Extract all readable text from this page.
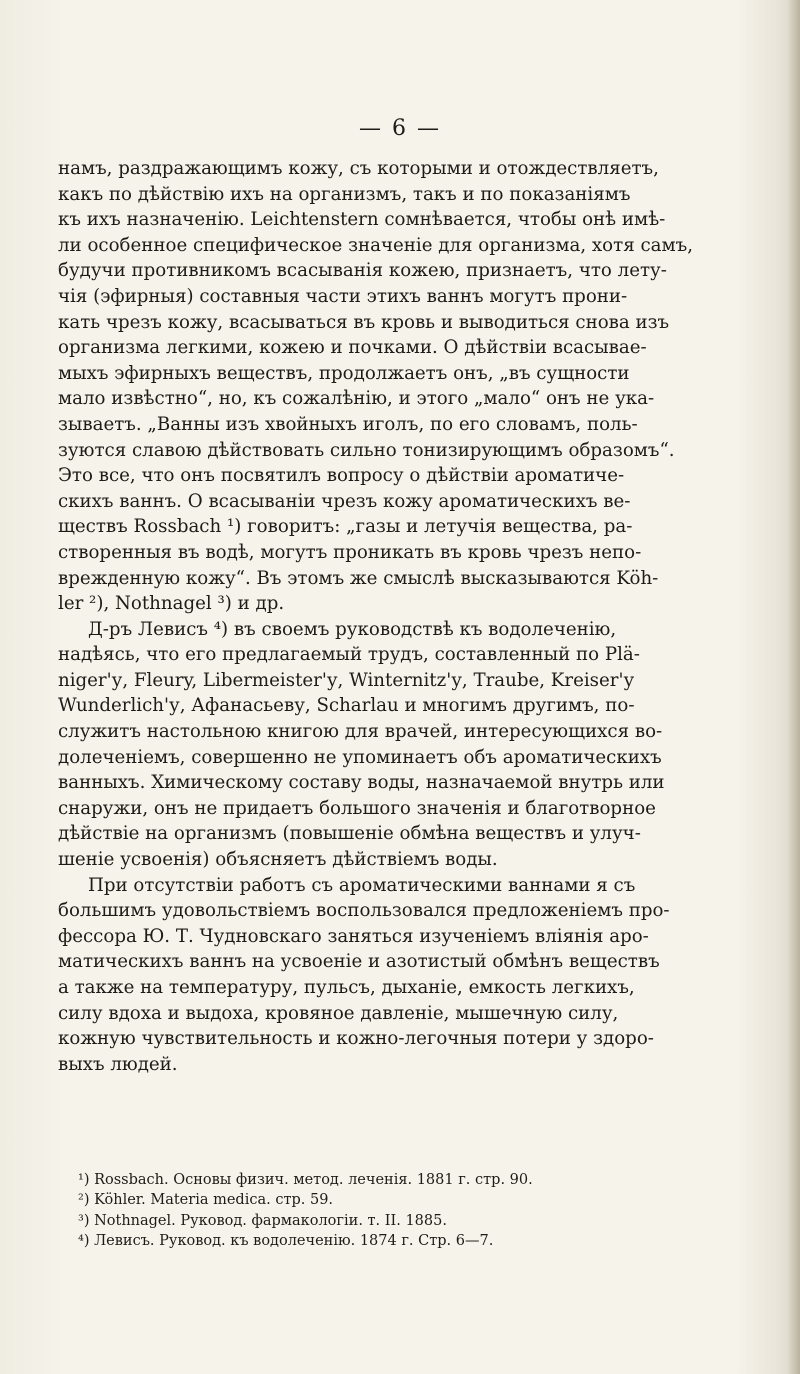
— 6 —
намъ, раздражающимъ кожу, съ которыми и отождествляетъ,
какъ по дѣйствію ихъ на организмъ, такъ и по показаніямъ
къ ихъ назначенію. Leichtenstern сомнѣвается, чтобы онѣ имѣ-
ли особенное специфическое значеніе для организма, хотя самъ,
будучи противникомъ всасыванія кожею, признаетъ, что лету-
чія (эфирныя) составныя части этихъ ваннъ могутъ прони-
кать чрезъ кожу, всасываться въ кровь и выводиться снова изъ
организма легкими, кожею и почками. О дѣйствіи всасывае-
мыхъ эфирныхъ веществъ, продолжаетъ онъ, „въ сущности
мало извѣстно“, но, къ сожалѣнію, и этого „мало“ онъ не ука-
зываетъ. „Ванны изъ хвойныхъ иголъ, по его словамъ, поль-
зуются славою дѣйствовать сильно тонизирующимъ образомъ“.
Это все, что онъ посвятилъ вопросу о дѣйствіи ароматиче-
скихъ ваннъ. О всасываніи чрезъ кожу ароматическихъ ве-
ществъ Rossbach ¹) говоритъ: „газы и летучія вещества, ра-
створенныя въ водѣ, могутъ проникать въ кровь чрезъ непо-
врежденную кожу“. Въ этомъ же смыслѣ высказываются Köh-
ler ²), Nothnagel ³) и др.
Д-ръ Левисъ ⁴) въ своемъ руководствѣ къ водолеченію,
надѣясь, что его предлагаемый трудъ, составленный по Plä-
niger'у, Fleury, Libermeister'у, Winternitz'у, Traube, Kreiser'у
Wunderlich'у, Афанасьеву, Scharlau и многимъ другимъ, по-
служитъ настольною книгою для врачей, интересующихся во-
долеченіемъ, совершенно не упоминаетъ объ ароматическихъ
ванныхъ. Химическому составу воды, назначаемой внутрь или
снаружи, онъ не придаетъ большого значенія и благотворное
дѣйствіе на организмъ (повышеніе обмѣна веществъ и улуч-
шеніе усвоенія) объясняетъ дѣйствіемъ воды.
При отсутствіи работъ съ ароматическими ваннами я съ
большимъ удовольствіемъ воспользовался предложеніемъ про-
фессора Ю. Т. Чудновскаго заняться изученіемъ вліянія аро-
матическихъ ваннъ на усвоеніе и азотистый обмѣнъ веществъ
а также на температуру, пульсъ, дыханіе, емкость легкихъ,
силу вдоха и выдоха, кровяное давленіе, мышечную силу,
кожную чувствительность и кожно-легочныя потери у здоро-
выхъ людей.
¹) Rossbach. Основы физич. метод. леченія. 1881 г. стр. 90.
²) Köhler. Materia medica. стр. 59.
³) Nothnagel. Руковод. фармакологіи. т. II. 1885.
⁴) Левисъ. Руковод. къ водолеченію. 1874 г. Стр. 6—7.
